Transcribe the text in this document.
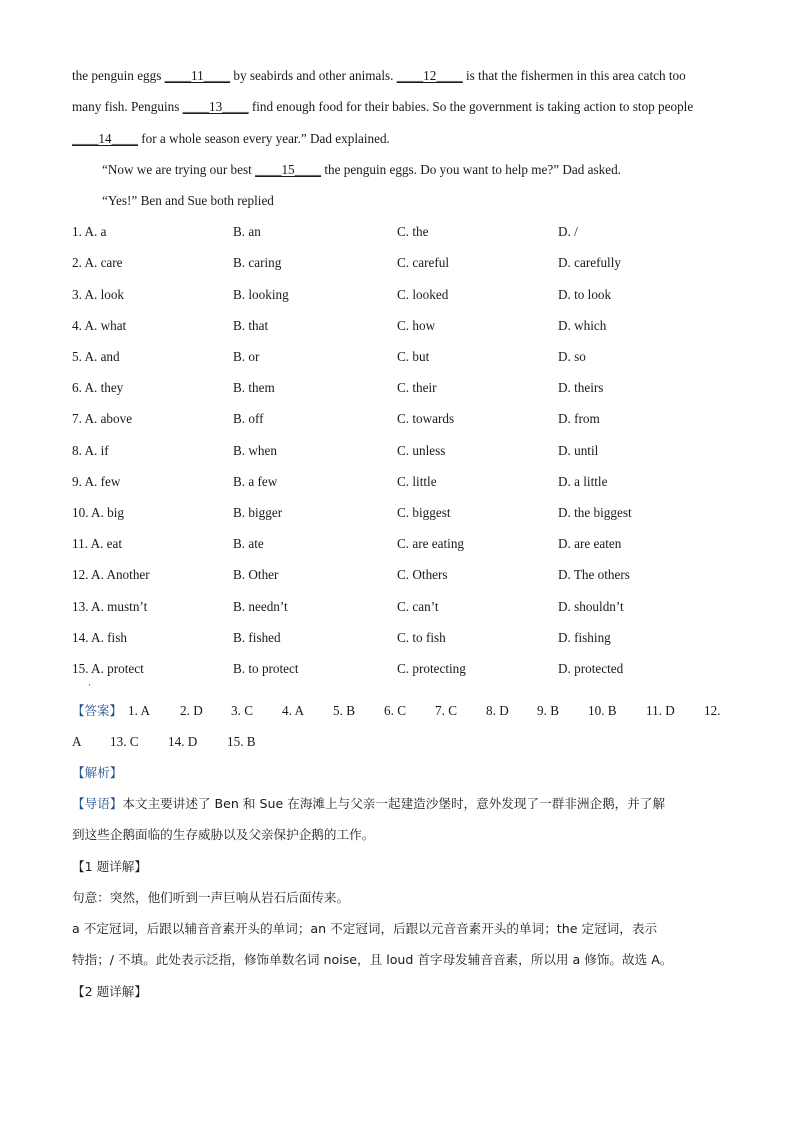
the penguin eggs ____11____ by seabirds and other animals. ____12____ is that the fishermen in this area catch too
many fish. Penguins ____13____ find enough food for their babies. So the government is taking action to stop people
____14____ for a whole season every year.” Dad explained.
“Now we are trying our best ____15____ the penguin eggs. Do you want to help me?” Dad asked.
“Yes!” Ben and Sue both replied
1. A. a	B. an	C. the	D. /
2. A. care	B. caring	C. careful	D. carefully
3. A. look	B. looking	C. looked	D. to look
4. A. what	B. that	C. how	D. which
5. A. and	B. or	C. but	D. so
6. A. they	B. them	C. their	D. theirs
7. A. above	B. off	C. towards	D. from
8. A. if	B. when	C. unless	D. until
9. A. few	B. a few	C. little	D. a little
10. A. big	B. bigger	C. biggest	D. the biggest
11. A. eat	B. ate	C. are eating	D. are eaten
12. A. Another	B. Other	C. Others	D. The others
13. A. mustn’t	B. needn’t	C. can’t	D. shouldn’t
14. A. fish	B. fished	C. to fish	D. fishing
15. A. protect	B. to protect	C. protecting	D. protected
·
【答案】 1. A 2. D 3. C 4. A 5. B 6. C 7. C 8. D 9. B 10. B 11. D 12.
A 13. C 14. D 15. B
【解析】
【导语】本文主要讲述了 Ben 和 Sue 在海滩上与父亲一起建造沙堡时，意外发现了一群非洲企鹅，并了解
到这些企鹅面临的生存威胁以及父亲保护企鹅的工作。
【1 题详解】
句意：突然，他们听到一声巨响从岩石后面传来。
a 不定冠词，后跟以辅音音素开头的单词；an 不定冠词，后跟以元音音素开头的单词；the 定冠词，表示
特指；/ 不填。此处表示泛指，修饰单数名词 noise，且 loud 首字母发辅音音素，所以用 a 修饰。故选 A。
【2 题详解】
